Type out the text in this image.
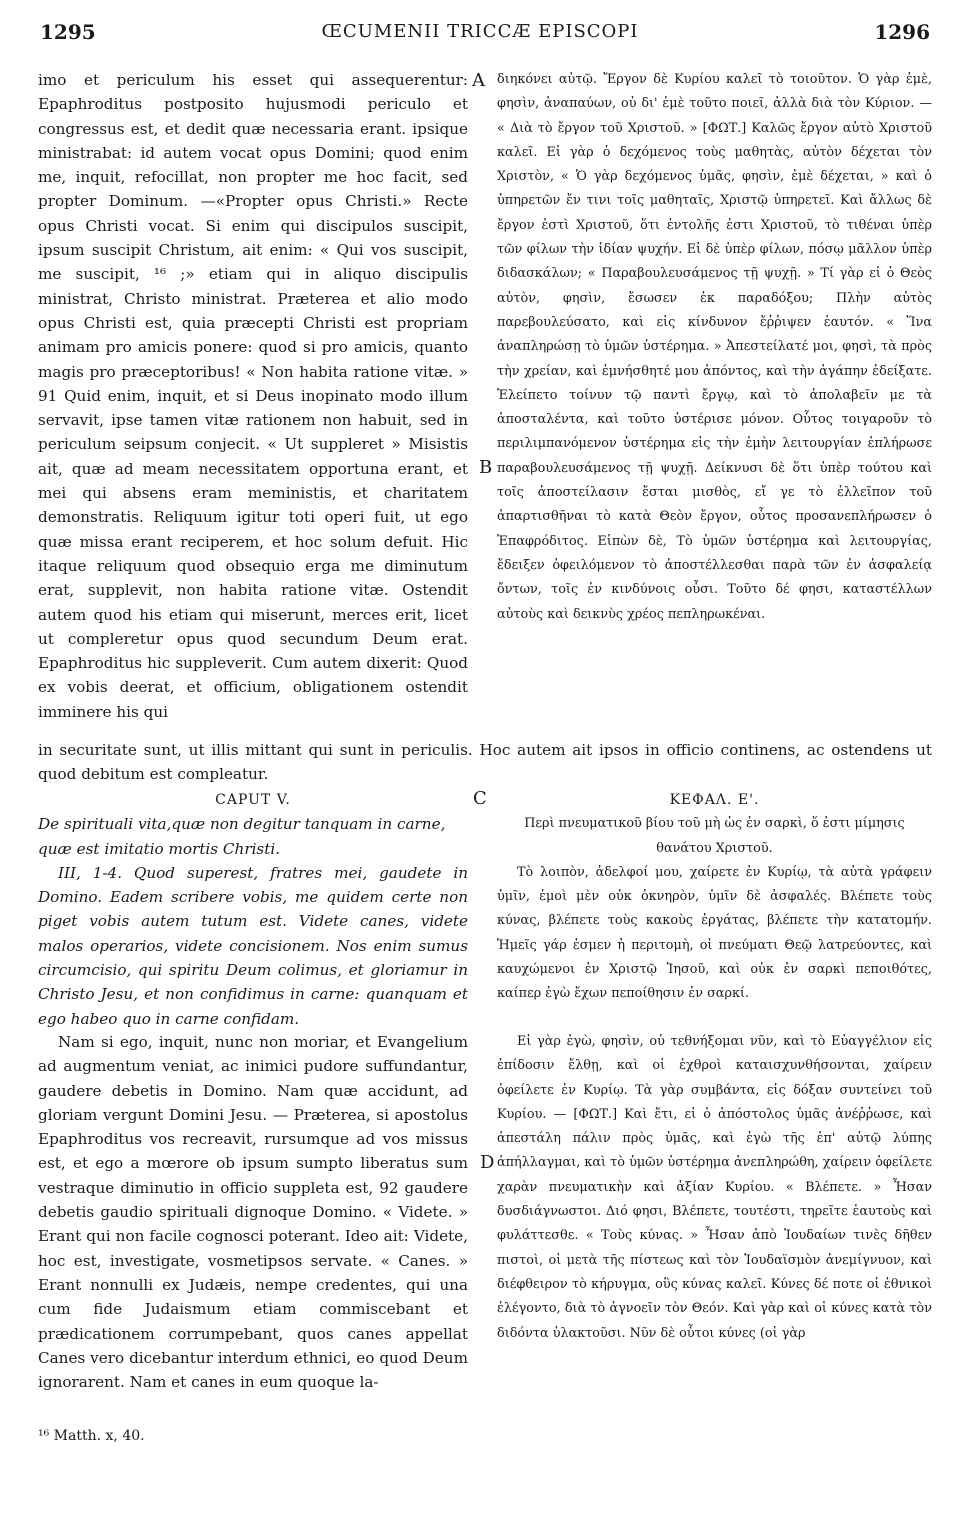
1295	ŒCUMENII TRICCÆ EPISCOPI	1296
A
B
C
D

imo et periculum his esset qui assequerentur: Epaphroditus postposito hujusmodi periculo et congressus est, et dedit quæ necessaria erant. ipsique ministrabat: id autem vocat opus Domini; quod enim me, inquit, refocillat, non propter me hoc facit, sed propter Dominum. —«Propter opus Christi.» Recte opus Christi vocat. Si enim qui discipulos suscipit, ipsum suscipit Christum, ait enim: « Qui vos suscipit, me suscipit, ¹⁶ ;» etiam qui in aliquo discipulis ministrat, Christo ministrat. Præterea et alio modo opus Christi est, quia præcepti Christi est propriam animam pro amicis ponere: quod si pro amicis, quanto magis pro præceptoribus! « Non habita ratione vitæ. » 91 Quid enim, inquit, et si Deus inopinato modo illum servavit, ipse tamen vitæ rationem non habuit, sed in periculum seipsum conjecit. « Ut suppleret » Misistis ait, quæ ad meam necessitatem opportuna erant, et mei qui absens eram meministis, et charitatem demonstratis. Reliquum igitur toti operi fuit, ut ego quæ missa erant reciperem, et hoc solum defuit. Hic itaque reliquum quod obsequio erga me diminutum erat, supplevit, non habita ratione vitæ. Ostendit autem quod his etiam qui miserunt, merces erit, licet ut compleretur opus quod secundum Deum erat. Epaphroditus hic suppleverit. Cum autem dixerit: Quod ex vobis deerat, et officium, obligationem ostendit imminere his qui

διηκόνει αὐτῷ. Ἔργον δὲ Κυρίου καλεῖ τὸ τοιοῦτον. Ὁ γὰρ ἐμὲ, φησὶν, ἀναπαύων, οὐ δι' ἐμὲ τοῦτο ποιεῖ, ἀλλὰ διὰ τὸν Κύριον. — « Διὰ τὸ ἔργον τοῦ Χριστοῦ. » [ΦΩΤ.] Καλῶς ἔργον αὐτὸ Χριστοῦ καλεῖ. Εἰ γὰρ ὁ δεχόμενος τοὺς μαθητὰς, αὐτὸν δέχεται τὸν Χριστὸν, « Ὁ γὰρ δεχόμενος ὑμᾶς, φησὶν, ἐμὲ δέχεται, » καὶ ὁ ὑπηρετῶν ἔν τινι τοῖς μαθηταῖς, Χριστῷ ὑπηρετεῖ. Καὶ ἄλλως δὲ ἔργον ἐστὶ Χριστοῦ, ὅτι ἐντολῆς ἐστι Χριστοῦ, τὸ τιθέναι ὑπὲρ τῶν φίλων τὴν ἰδίαν ψυχήν. Εἰ δὲ ὑπὲρ φίλων, πόσῳ μᾶλλον ὑπὲρ διδασκάλων; « Παραβουλευσάμενος τῇ ψυχῇ. » Τί γὰρ εἰ ὁ Θεὸς αὐτὸν, φησὶν, ἔσωσεν ἐκ παραδόξου; Πλὴν αὐτὸς παρεβουλεύσατο, καὶ εἰς κίνδυνον ἔῤῥιψεν ἑαυτόν. « Ἵνα ἀναπληρώσῃ τὸ ὑμῶν ὑστέρημα. » Ἀπεστείλατέ μοι, φησὶ, τὰ πρὸς τὴν χρείαν, καὶ ἐμνήσθητέ μου ἀπόντος, καὶ τὴν ἀγάπην ἐδείξατε. Ἐλείπετο τοίνυν τῷ παντὶ ἔργῳ, καὶ τὸ ἀπολαβεῖν με τὰ ἀποσταλέντα, καὶ τοῦτο ὑστέρισε μόνον. Οὗτος τοιγαροῦν τὸ περιλιμπανόμενον ὑστέρημα εἰς τὴν ἐμὴν λειτουργίαν ἐπλήρωσε παραβουλευσάμενος τῇ ψυχῇ. Δείκνυσι δὲ ὅτι ὑπὲρ τούτου καὶ τοῖς ἀποστείλασιν ἔσται μισθὸς, εἴ γε τὸ ἐλλεῖπον τοῦ ἀπαρτισθῆναι τὸ κατὰ Θεὸν ἔργον, οὗτος προσανεπλήρωσεν ὁ Ἐπαφρόδιτος. Εἰπὼν δὲ, Τὸ ὑμῶν ὑστέρημα καὶ λειτουργίας, ἔδειξεν ὀφειλόμενον τὸ ἀποστέλλεσθαι παρὰ τῶν ἐν ἀσφαλείᾳ ὄντων, τοῖς ἐν κινδύνοις οὖσι. Τοῦτο δέ φησι, καταστέλλων αὐτοὺς καὶ δεικνὺς χρέος πεπληρωκέναι.

in securitate sunt, ut illis mittant qui sunt in periculis. Hoc autem ait ipsos in officio continens, ac ostendens ut quod debitum est compleatur.

CAPUT V.

De spirituali vita,quæ non degitur tanquam in carne, quæ est imitatio mortis Christi.

III, 1-4. Quod superest, fratres mei, gaudete in Domino. Eadem scribere vobis, me quidem certe non piget vobis autem tutum est. Videte canes, videte malos operarios, videte concisionem. Nos enim sumus circumcisio, qui spiritu Deum colimus, et gloriamur in Christo Jesu, et non confidimus in carne: quanquam et ego habeo quo in carne confidam.

ΚΕΦΑΛ. Ε'.

Περὶ πνευματικοῦ βίου τοῦ μὴ ὡς ἐν σαρκὶ, ὅ ἐστι μίμησις θανάτου Χριστοῦ.

Τὸ λοιπὸν, ἀδελφοί μου, χαίρετε ἐν Κυρίῳ, τὰ αὐτὰ γράφειν ὑμῖν, ἐμοὶ μὲν οὐκ ὀκνηρὸν, ὑμῖν δὲ ἀσφαλές. Βλέπετε τοὺς κύνας, βλέπετε τοὺς κακοὺς ἐργάτας, βλέπετε τὴν κατατομήν. Ἡμεῖς γάρ ἐσμεν ἡ περιτομὴ, οἱ πνεύματι Θεῷ λατρεύοντες, καὶ καυχώμενοι ἐν Χριστῷ Ἰησοῦ, καὶ οὐκ ἐν σαρκὶ πεποιθότες, καίπερ ἐγὼ ἔχων πεποίθησιν ἐν σαρκί.

Nam si ego, inquit, nunc non moriar, et Evangelium ad augmentum veniat, ac inimici pudore suffundantur, gaudere debetis in Domino. Nam quæ accidunt, ad gloriam vergunt Domini Jesu. — Præterea, si apostolus Epaphroditus vos recreavit, rursumque ad vos missus est, et ego a mœrore ob ipsum sumpto liberatus sum vestraque diminutio in officio suppleta est, 92 gaudere debetis gaudio spirituali dignoque Domino. « Videte. » Erant qui non facile cognosci poterant. Ideo ait: Videte, hoc est, investigate, vosmetipsos servate. « Canes. » Erant nonnulli ex Judæis, nempe credentes, qui una cum fide Judaismum etiam commiscebant et prædicationem corrumpebant, quos canes appellat Canes vero dicebantur interdum ethnici, eo quod Deum ignorarent. Nam et canes in eum quoque la-

Εἰ γὰρ ἐγὼ, φησὶν, οὐ τεθνήξομαι νῦν, καὶ τὸ Εὐαγγέλιον εἰς ἐπίδοσιν ἔλθῃ, καὶ οἱ ἐχθροὶ καταισχυνθήσονται, χαίρειν ὀφείλετε ἐν Κυρίῳ. Τὰ γὰρ συμβάντα, εἰς δόξαν συντείνει τοῦ Κυρίου. — [ΦΩΤ.] Καὶ ἔτι, εἰ ὁ ἀπόστολος ὑμᾶς ἀνέῤῥωσε, καὶ ἀπεστάλη πάλιν πρὸς ὑμᾶς, καὶ ἐγὼ τῆς ἐπ' αὐτῷ λύπης ἀπήλλαγμαι, καὶ τὸ ὑμῶν ὑστέρημα ἀνεπληρώθη, χαίρειν ὀφείλετε χαρὰν πνευματικὴν καὶ ἀξίαν Κυρίου. « Βλέπετε. » Ἦσαν δυσδιάγνωστοι. Διό φησι, Βλέπετε, τουτέστι, τηρεῖτε ἑαυτοὺς καὶ φυλάττεσθε. « Τοὺς κύνας. » Ἦσαν ἀπὸ Ἰουδαίων τινὲς δῆθεν πιστοὶ, οἱ μετὰ τῆς πίστεως καὶ τὸν Ἰουδαϊσμὸν ἀνεμίγνυον, καὶ διέφθειρον τὸ κήρυγμα, οὓς κύνας καλεῖ. Κύνες δέ ποτε οἱ ἐθνικοὶ ἐλέγοντο, διὰ τὸ ἀγνοεῖν τὸν Θεόν. Καὶ γὰρ καὶ οἱ κύνες κατὰ τὸν διδόντα ὑλακτοῦσι. Νῦν δὲ οὗτοι κύνες (οἱ γὰρ

¹⁶ Matth. x, 40.
